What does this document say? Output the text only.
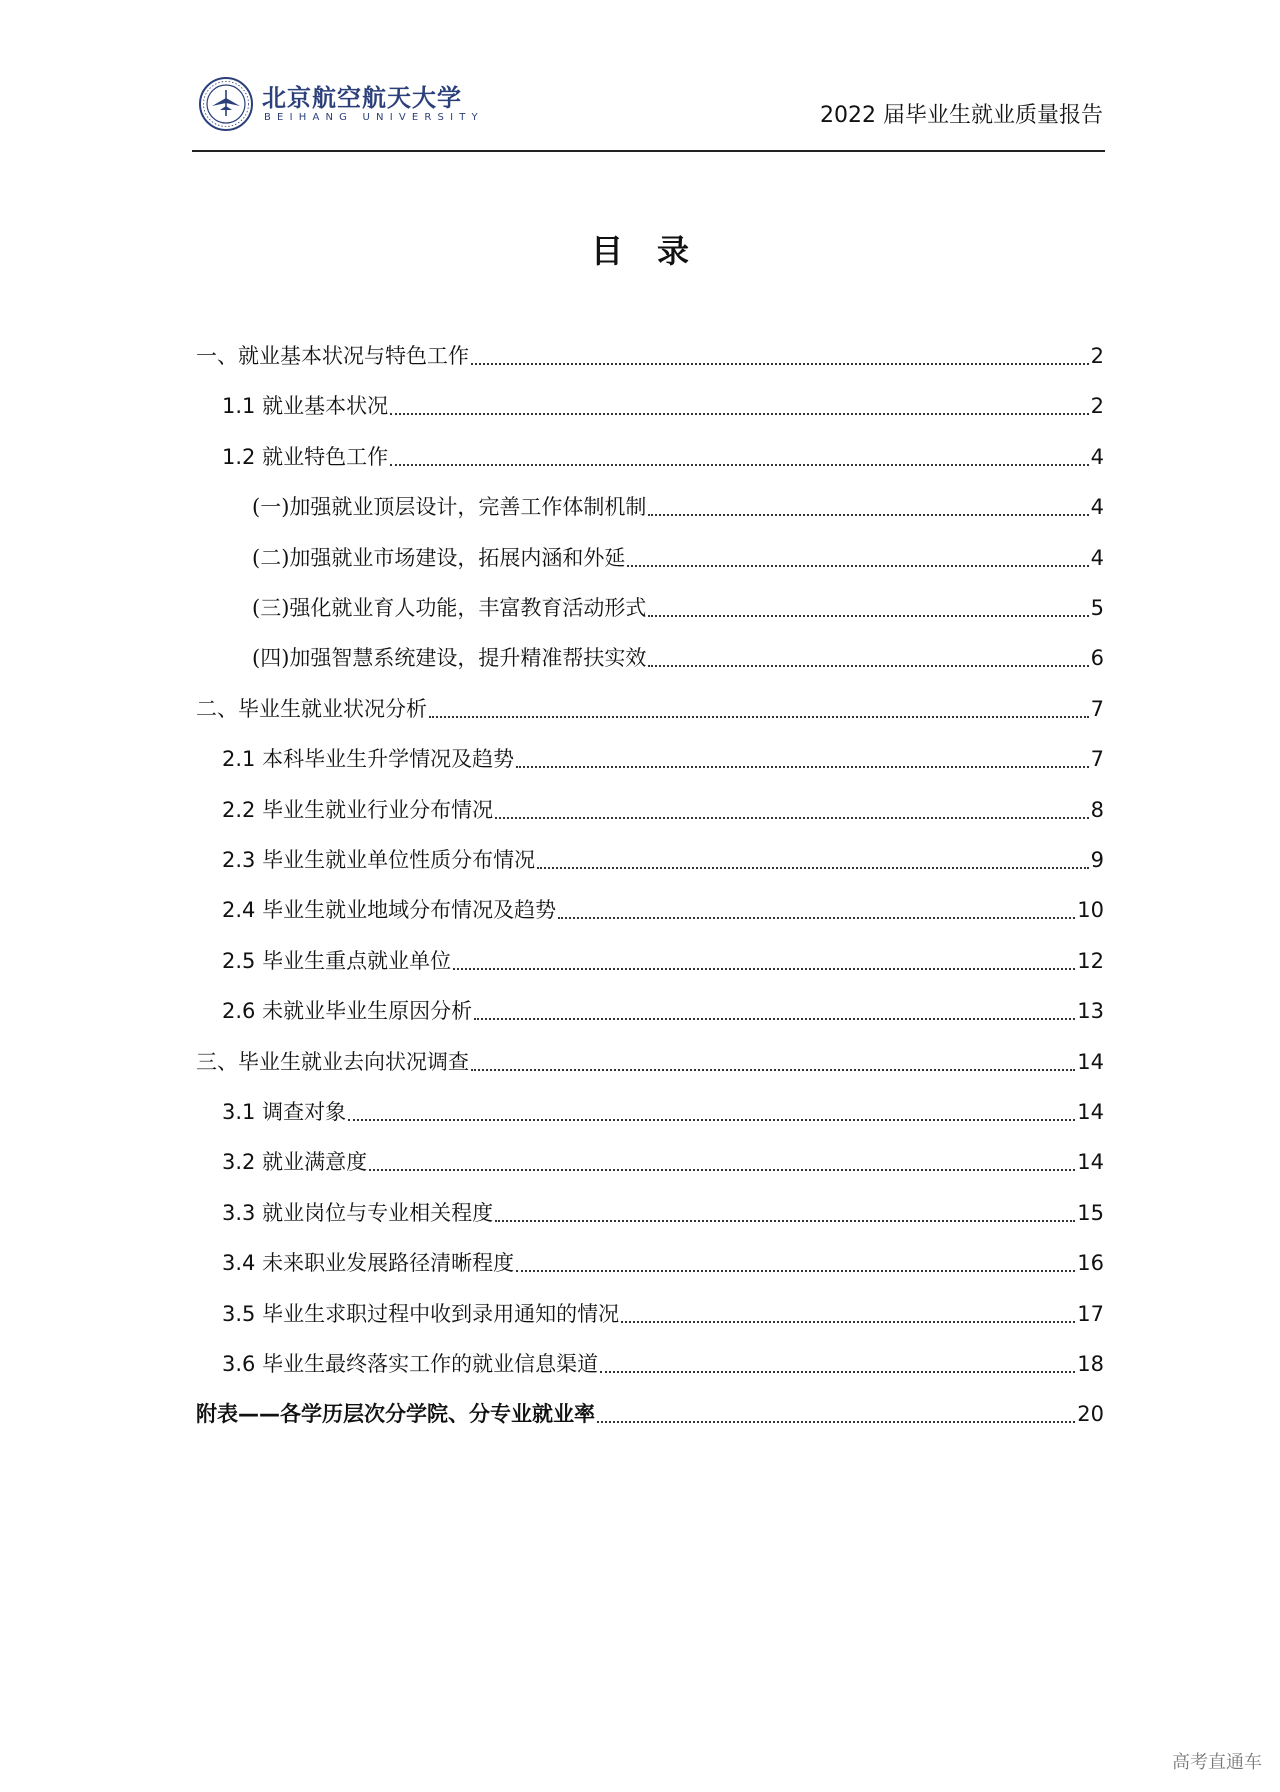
北京航空航天大学
BEIHANG UNIVERSITY	2022 届毕业生就业质量报告
目 录
一、就业基本状况与特色工作	2
1.1 就业基本状况	2
1.2 就业特色工作	4
(一)加强就业顶层设计，完善工作体制机制	4
(二)加强就业市场建设，拓展内涵和外延	4
(三)强化就业育人功能，丰富教育活动形式	5
(四)加强智慧系统建设，提升精准帮扶实效	6
二、毕业生就业状况分析	7
2.1 本科毕业生升学情况及趋势	7
2.2 毕业生就业行业分布情况	8
2.3 毕业生就业单位性质分布情况	9
2.4 毕业生就业地域分布情况及趋势	10
2.5 毕业生重点就业单位	12
2.6 未就业毕业生原因分析	13
三、毕业生就业去向状况调查	14
3.1 调查对象	14
3.2 就业满意度	14
3.3 就业岗位与专业相关程度	15
3.4 未来职业发展路径清晰程度	16
3.5 毕业生求职过程中收到录用通知的情况	17
3.6 毕业生最终落实工作的就业信息渠道	18
附表——各学历层次分学院、分专业就业率	20
高考直通车
